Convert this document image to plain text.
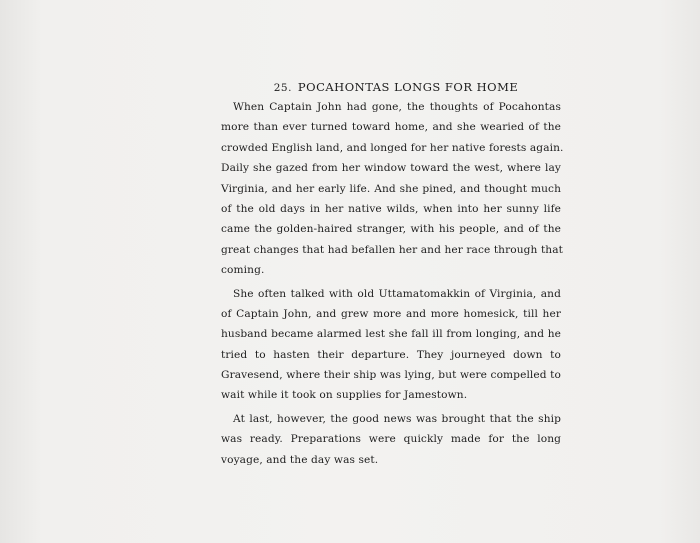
25. POCAHONTAS LONGS FOR HOME
When Captain John had gone, the thoughts of Pocahontas
more than ever turned toward home, and she wearied of the
crowded English land, and longed for her native forests again.
Daily she gazed from her window toward the west, where lay
Virginia, and her early life. And she pined, and thought much
of the old days in her native wilds, when into her sunny life
came the golden-haired stranger, with his people, and of the
great changes that had befallen her and her race through that
coming.
She often talked with old Uttamatomakkin of Virginia, and
of Captain John, and grew more and more homesick, till her
husband became alarmed lest she fall ill from longing, and he
tried to hasten their departure. They journeyed down to
Gravesend, where their ship was lying, but were compelled to
wait while it took on supplies for Jamestown.
At last, however, the good news was brought that the ship
was ready. Preparations were quickly made for the long
voyage, and the day was set.
